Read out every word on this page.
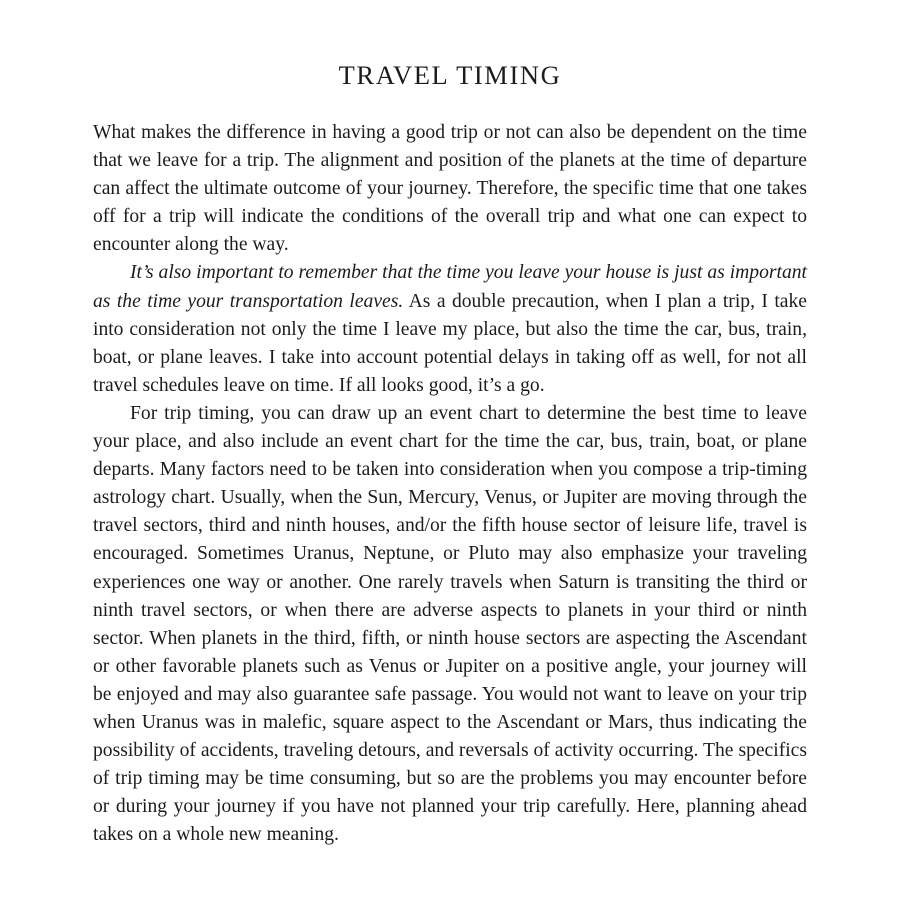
TRAVEL TIMING

What makes the difference in having a good trip or not can also be dependent on the time that we leave for a trip. The alignment and position of the planets at the time of departure can affect the ultimate outcome of your journey. Therefore, the specific time that one takes off for a trip will indicate the conditions of the overall trip and what one can expect to encounter along the way.

It’s also important to remember that the time you leave your house is just as important as the time your transportation leaves. As a double precaution, when I plan a trip, I take into consideration not only the time I leave my place, but also the time the car, bus, train, boat, or plane leaves. I take into account potential delays in taking off as well, for not all travel schedules leave on time. If all looks good, it’s a go.

For trip timing, you can draw up an event chart to determine the best time to leave your place, and also include an event chart for the time the car, bus, train, boat, or plane departs. Many factors need to be taken into consideration when you compose a trip-timing astrology chart. Usually, when the Sun, Mercury, Venus, or Jupiter are moving through the travel sectors, third and ninth houses, and/or the fifth house sector of leisure life, travel is encouraged. Sometimes Uranus, Neptune, or Pluto may also emphasize your traveling experiences one way or another. One rarely travels when Saturn is transiting the third or ninth travel sectors, or when there are adverse aspects to planets in your third or ninth sector. When planets in the third, fifth, or ninth house sectors are aspecting the Ascendant or other favorable planets such as Venus or Jupiter on a positive angle, your journey will be enjoyed and may also guarantee safe passage. You would not want to leave on your trip when Uranus was in malefic, square aspect to the Ascendant or Mars, thus indicating the possibility of accidents, traveling detours, and reversals of activity occurring. The specifics of trip timing may be time consuming, but so are the problems you may encounter before or during your journey if you have not planned your trip carefully. Here, planning ahead takes on a whole new meaning.
